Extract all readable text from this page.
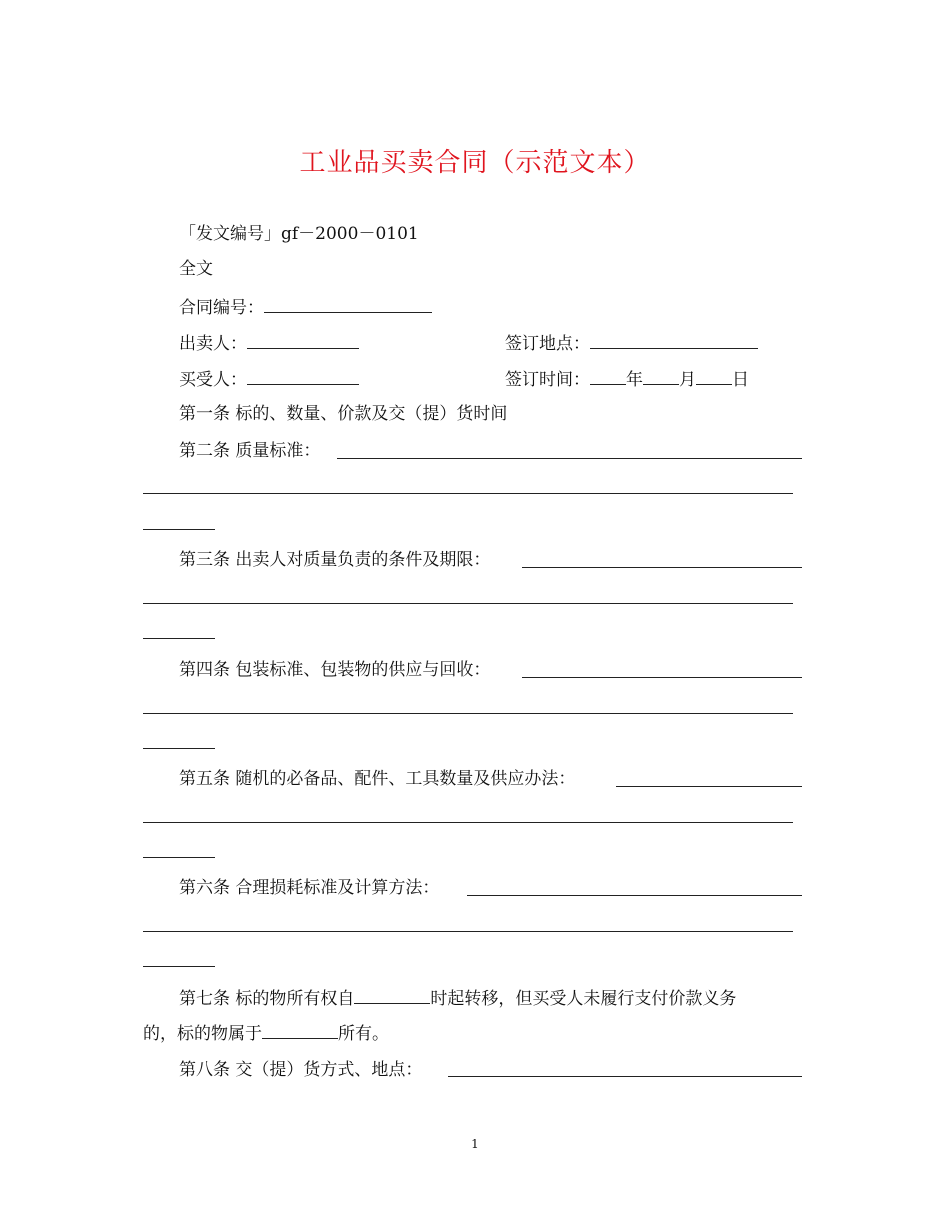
工业品买卖合同（示范文本）
「发文编号」gf－2000－0101
全文
合同编号：
出卖人：	签订地点：
买受人：	签订时间： 年 月 日
第一条 标的、数量、价款及交（提）货时间
第二条 质量标准：
第三条 出卖人对质量负责的条件及期限：
第四条 包装标准、包装物的供应与回收：
第五条 随机的必备品、配件、工具数量及供应办法：
第六条 合理损耗标准及计算方法：
第七条 标的物所有权自	时起转移，但买受人未履行支付价款义务
的，标的物属于	所有。
第八条 交（提）货方式、地点：
1
